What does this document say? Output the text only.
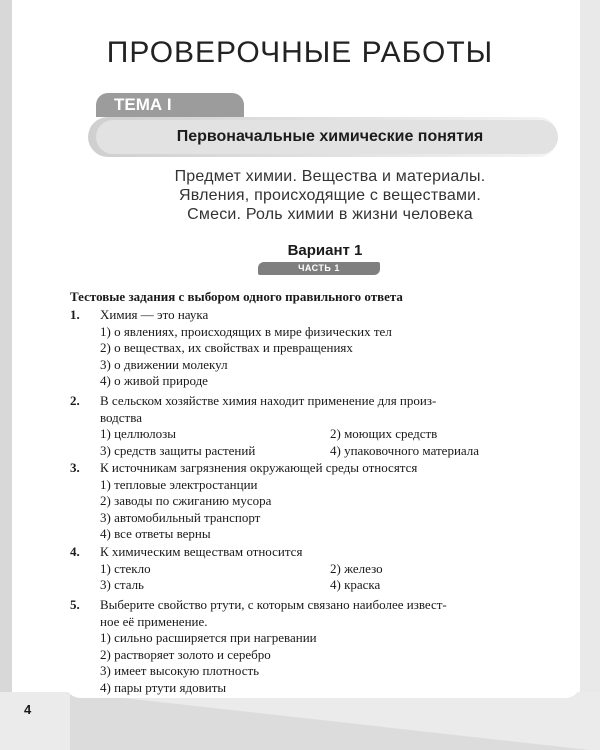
ПРОВЕРОЧНЫЕ РАБОТЫ
ТЕМА I
Первоначальные химические понятия
Предмет химии. Вещества и материалы.
Явления, происходящие с веществами.
Смеси. Роль химии в жизни человека
Вариант 1
ЧАСТЬ 1
Тестовые задания с выбором одного правильного ответа
1. Химия — это наука
1) о явлениях, происходящих в мире физических тел
2) о веществах, их свойствах и превращениях
3) о движении молекул
4) о живой природе
2. В сельском хозяйстве химия находит применение для произ-
водства
1) целлюлозы	2) моющих средств
3) средств защиты растений	4) упаковочного материала
3. К источникам загрязнения окружающей среды относятся
1) тепловые электростанции
2) заводы по сжиганию мусора
3) автомобильный транспорт
4) все ответы верны
4. К химическим веществам относится
1) стекло	2) железо
3) сталь	4) краска
5. Выберите свойство ртути, с которым связано наиболее извест-
ное её применение.
1) сильно расширяется при нагревании
2) растворяет золото и серебро
3) имеет высокую плотность
4) пары ртути ядовиты
4
